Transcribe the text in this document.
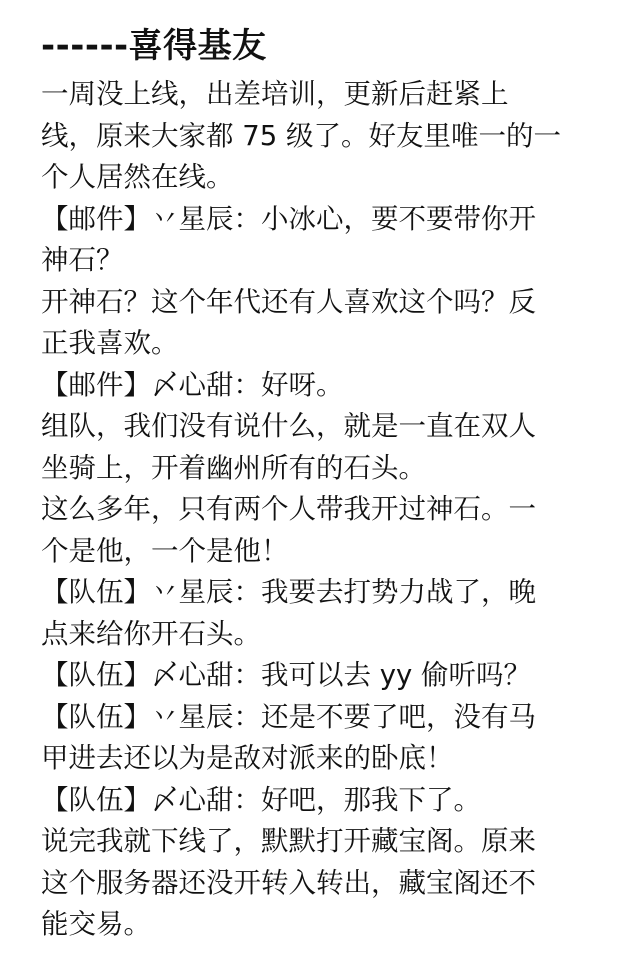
------喜得基友
一周没上线，出差培训，更新后赶紧上
线，原来大家都 75 级了。好友里唯一的一
个人居然在线。
【邮件】丷星辰：小冰心，要不要带你开
神石？
开神石？这个年代还有人喜欢这个吗？反
正我喜欢。
【邮件】〆心甜：好呀。
组队，我们没有说什么，就是一直在双人
坐骑上，开着幽州所有的石头。
这么多年，只有两个人带我开过神石。一
个是他，一个是他！
【队伍】丷星辰：我要去打势力战了，晚
点来给你开石头。
【队伍】〆心甜：我可以去 yy 偷听吗？
【队伍】丷星辰：还是不要了吧，没有马
甲进去还以为是敌对派来的卧底！
【队伍】〆心甜：好吧，那我下了。
说完我就下线了，默默打开藏宝阁。原来
这个服务器还没开转入转出，藏宝阁还不
能交易。
